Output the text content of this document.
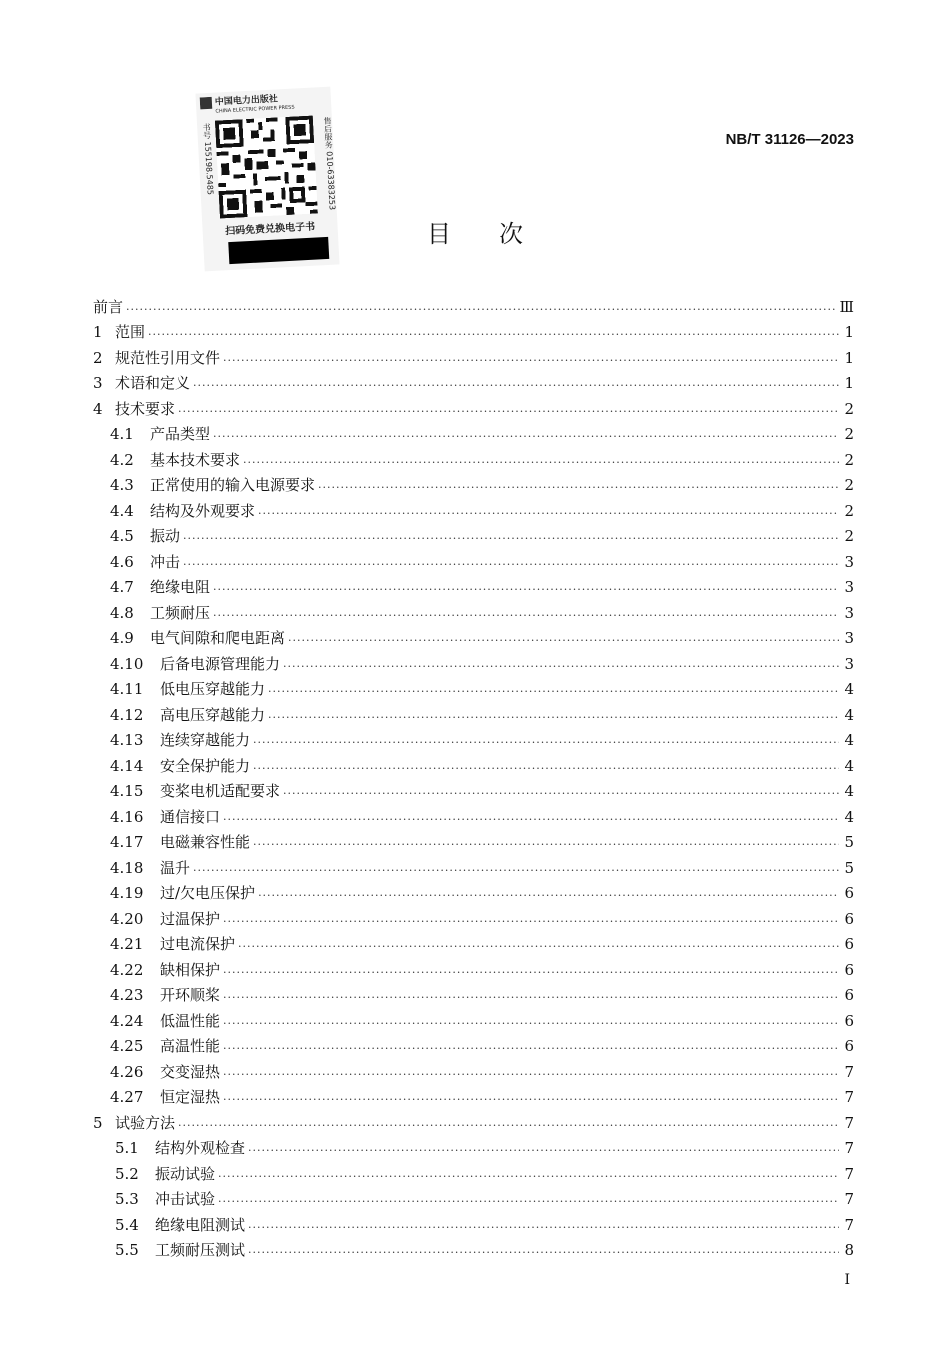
中国电力出版社
CHINA ELECTRIC POWER PRESS
书号 155198.5485	售后服务 010-63383253
扫码免费兑换电子书
NB/T 31126—2023
目次
前言 .....	Ⅲ
1 范围 .....	1
2 规范性引用文件 .....	1
3 术语和定义 .....	1
4 技术要求 .....	2
4.1	产品类型 .....	2
4.2	基本技术要求 .....	2
4.3	正常使用的输入电源要求 .....	2
4.4	结构及外观要求 .....	2
4.5	振动 .....	2
4.6	冲击 .....	3
4.7	绝缘电阻 .....	3
4.8	工频耐压 .....	3
4.9	电气间隙和爬电距离 .....	3
4.10	后备电源管理能力 .....	3
4.11	低电压穿越能力 .....	4
4.12	高电压穿越能力 .....	4
4.13	连续穿越能力 .....	4
4.14	安全保护能力 .....	4
4.15	变桨电机适配要求 .....	4
4.16	通信接口 .....	4
4.17	电磁兼容性能 .....	5
4.18	温升 .....	5
4.19	过/欠电压保护 .....	6
4.20	过温保护 .....	6
4.21	过电流保护 .....	6
4.22	缺相保护 .....	6
4.23	开环顺桨 .....	6
4.24	低温性能 .....	6
4.25	高温性能 .....	6
4.26	交变湿热 .....	7
4.27	恒定湿热 .....	7
5 试验方法 .....	7
5.1	结构外观检查 .....	7
5.2	振动试验 .....	7
5.3	冲击试验 .....	7
5.4	绝缘电阻测试 .....	7
5.5	工频耐压测试 .....	8
I
